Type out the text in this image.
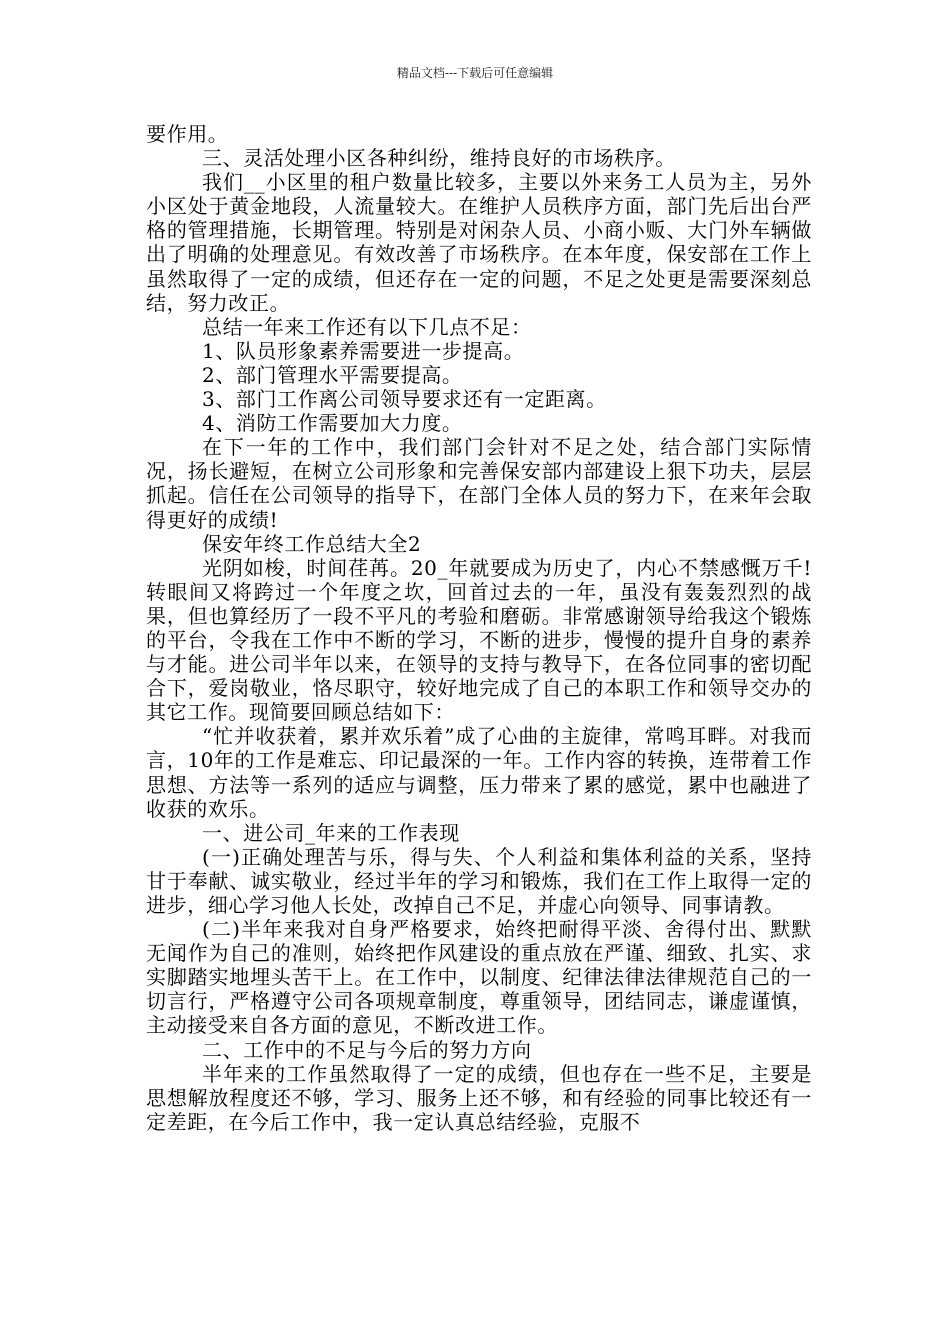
精品文档---下载后可任意编辑

要作用。

三、灵活处理小区各种纠纷，维持良好的市场秩序。

我们__小区里的租户数量比较多，主要以外来务工人员为主，另外小区处于黄金地段，人流量较大。在维护人员秩序方面，部门先后出台严格的管理措施，长期管理。特别是对闲杂人员、小商小贩、大门外车辆做出了明确的处理意见。有效改善了市场秩序。在本年度，保安部在工作上虽然取得了一定的成绩，但还存在一定的问题，不足之处更是需要深刻总结，努力改正。

总结一年来工作还有以下几点不足：

1、队员形象素养需要进一步提高。

2、部门管理水平需要提高。

3、部门工作离公司领导要求还有一定距离。

4、消防工作需要加大力度。

在下一年的工作中，我们部门会针对不足之处，结合部门实际情况，扬长避短，在树立公司形象和完善保安部内部建设上狠下功夫，层层抓起。信任在公司领导的指导下，在部门全体人员的努力下，在来年会取得更好的成绩!

保安年终工作总结大全2

光阴如梭，时间荏苒。20_年就要成为历史了，内心不禁感慨万千!转眼间又将跨过一个年度之坎，回首过去的一年，虽没有轰轰烈烈的战果，但也算经历了一段不平凡的考验和磨砺。非常感谢领导给我这个锻炼的平台，令我在工作中不断的学习，不断的进步，慢慢的提升自身的素养与才能。进公司半年以来，在领导的支持与教导下，在各位同事的密切配合下，爱岗敬业，恪尽职守，较好地完成了自己的本职工作和领导交办的其它工作。现简要回顾总结如下：

“忙并收获着，累并欢乐着”成了心曲的主旋律，常鸣耳畔。对我而言，10年的工作是难忘、印记最深的一年。工作内容的转换，连带着工作思想、方法等一系列的适应与调整，压力带来了累的感觉，累中也融进了收获的欢乐。

一、进公司_年来的工作表现

(一)正确处理苦与乐，得与失、个人利益和集体利益的关系，坚持甘于奉献、诚实敬业，经过半年的学习和锻炼，我们在工作上取得一定的进步，细心学习他人长处，改掉自己不足，并虚心向领导、同事请教。

(二)半年来我对自身严格要求，始终把耐得平淡、舍得付出、默默无闻作为自己的准则，始终把作风建设的重点放在严谨、细致、扎实、求实脚踏实地埋头苦干上。在工作中，以制度、纪律法律法律规范自己的一切言行，严格遵守公司各项规章制度，尊重领导，团结同志，谦虚谨慎，主动接受来自各方面的意见，不断改进工作。

二、工作中的不足与今后的努力方向

半年来的工作虽然取得了一定的成绩，但也存在一些不足，主要是思想解放程度还不够，学习、服务上还不够，和有经验的同事比较还有一定差距，在今后工作中，我一定认真总结经验，克服不
